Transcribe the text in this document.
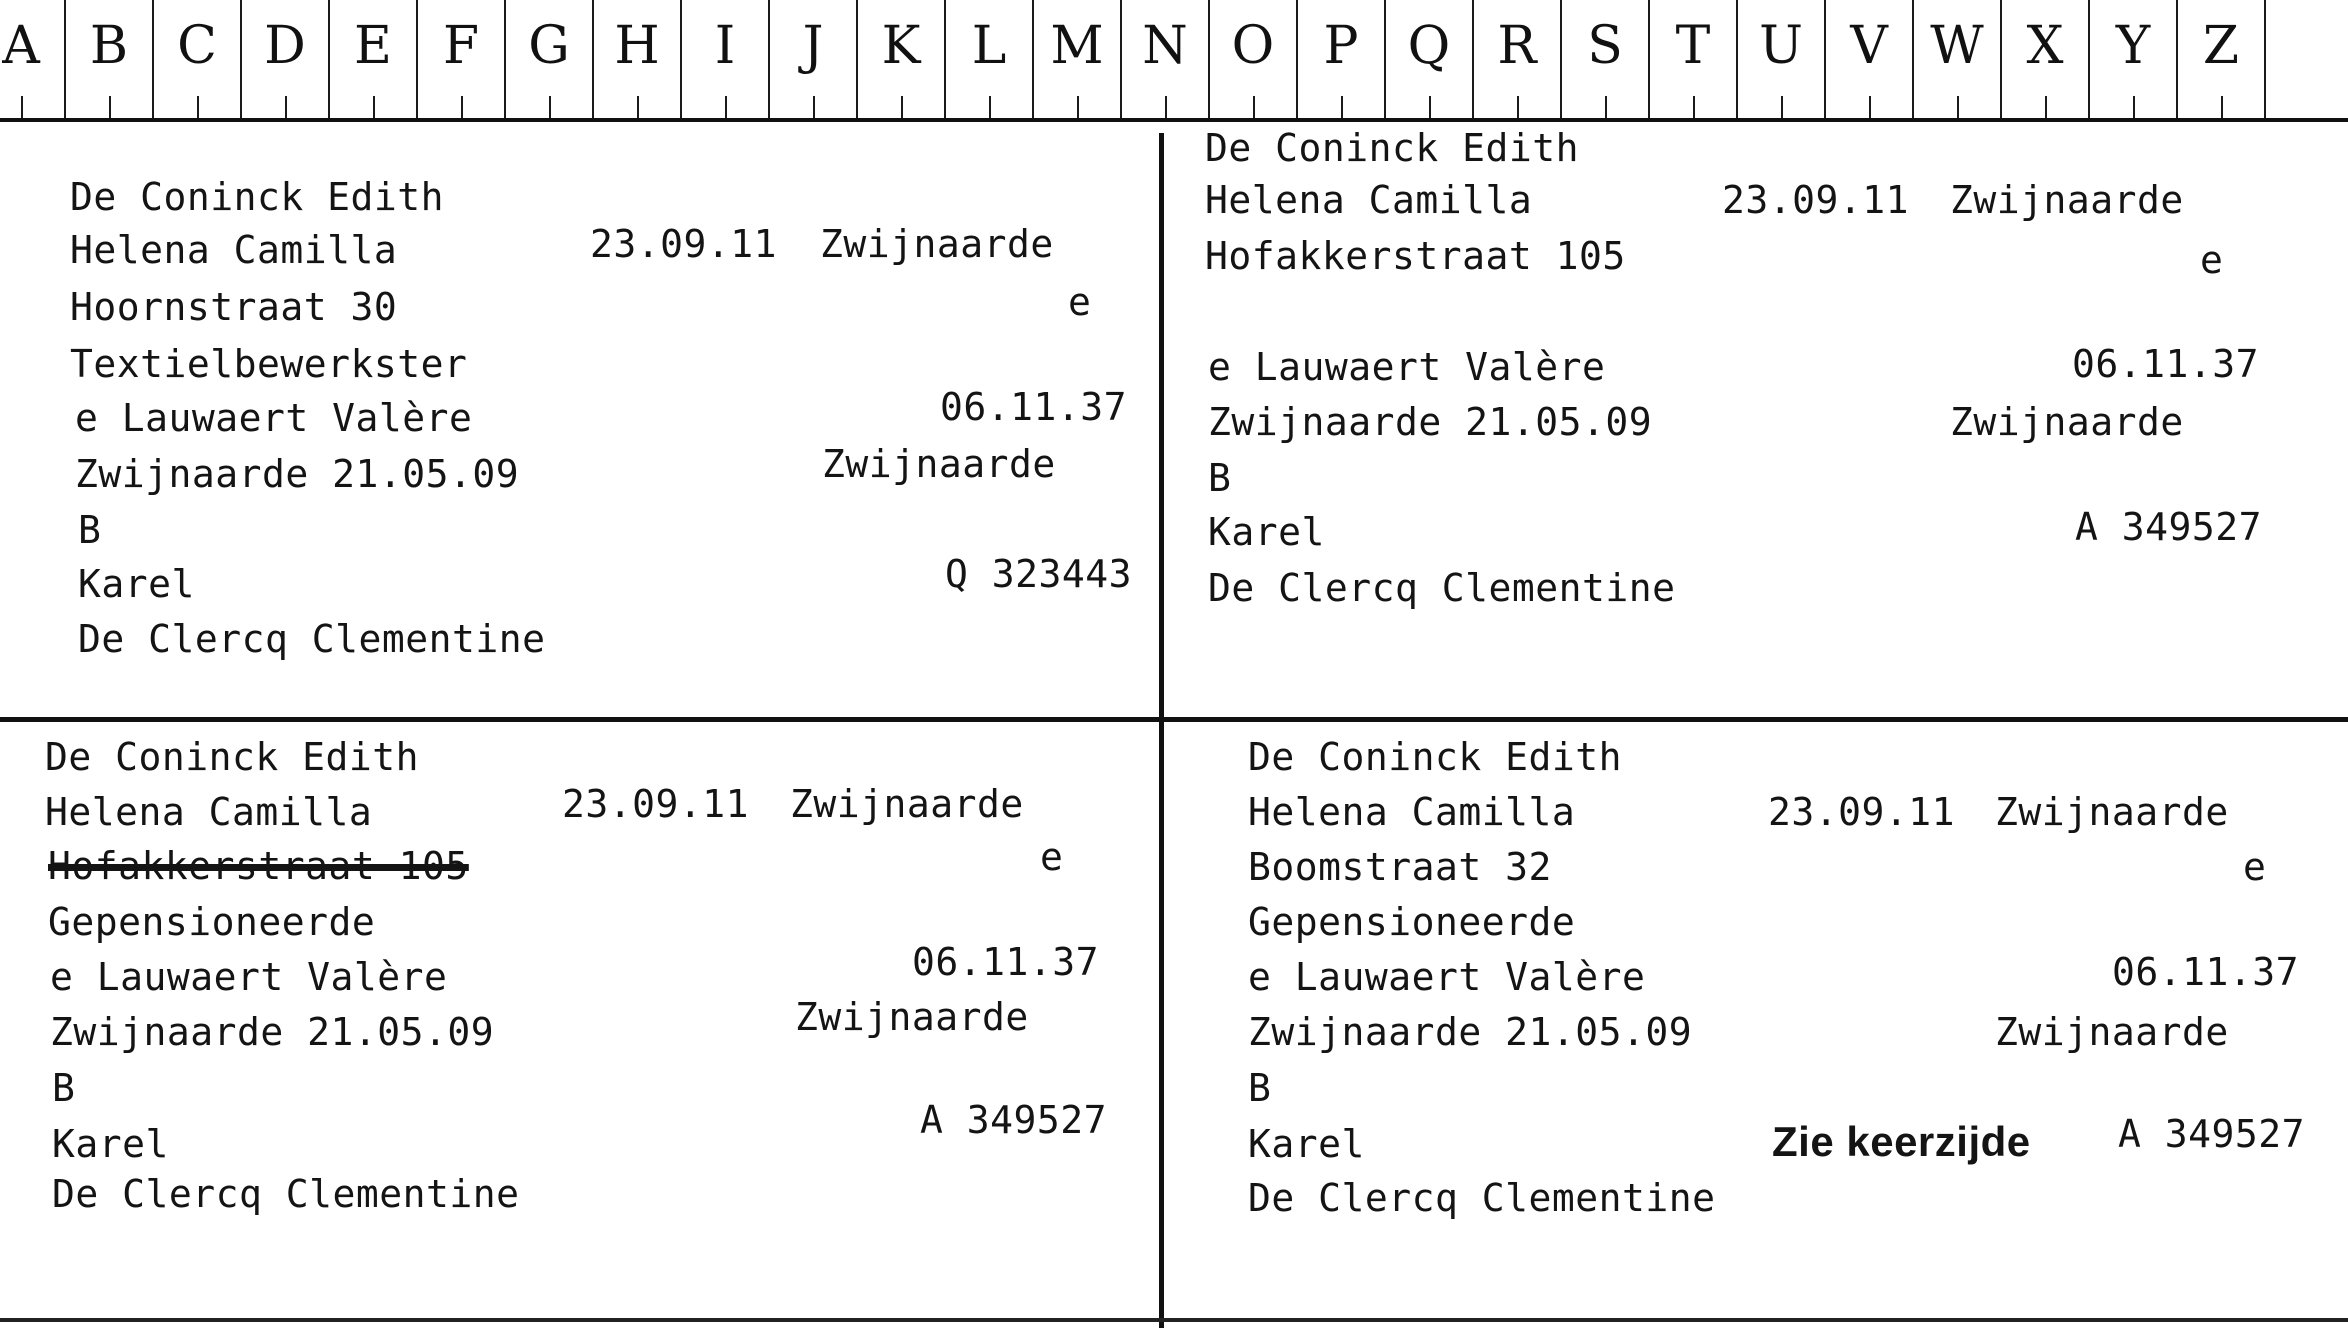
A B C D E F G H	I	J	K L M N O P Q R S	T U V W X	Y	Z
De Coninck Edith
Helena Camilla	23.09.11 Zwijnaarde
Hoornstraat 30	e
Textielbewerkster
e Lauwaert Valère	06.11.37
Zwijnaarde 21.05.09	Zwijnaarde
B
Karel	Q 323443
De Clercq Clementine
De Coninck Edith
Helena Camilla	23.09.11 Zwijnaarde
Hofakkerstraat 105	e
e Lauwaert Valère	06.11.37
Zwijnaarde 21.05.09	Zwijnaarde
B
Karel	A 349527
De Clercq Clementine
De Coninck Edith
Helena Camilla	23.09.11 Zwijnaarde
Hofakkerstraat 105	e
Gepensioneerde
e Lauwaert Valère	06.11.37
Zwijnaarde 21.05.09	Zwijnaarde
B
Karel
A 349527
De Clercq Clementine
De Coninck Edith
Helena Camilla	23.09.11 Zwijnaarde
Boomstraat 32	e
Gepensioneerde
e Lauwaert Valère	06.11.37
Zwijnaarde 21.05.09	Zwijnaarde
B
Karel	Zie keerzijde A 349527
De Clercq Clementine
